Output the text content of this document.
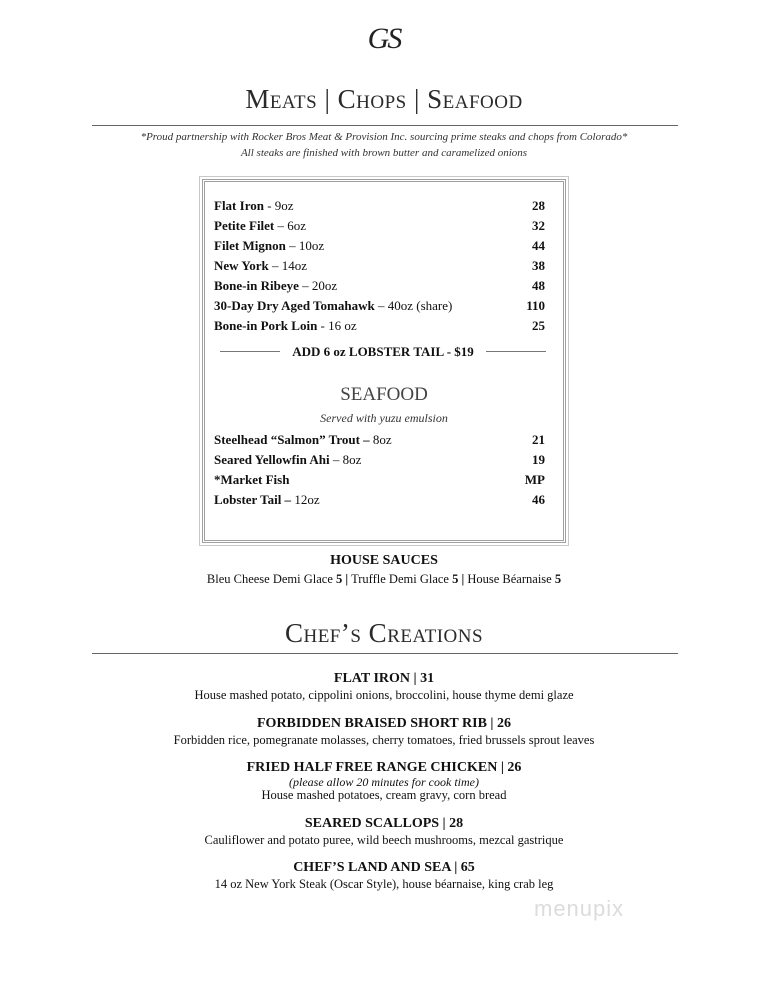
GS
Meats | Chops | Seafood
*Proud partnership with Rocker Bros Meat & Provision Inc. sourcing prime steaks and chops from Colorado*
All steaks are finished with brown butter and caramelized onions
Flat Iron - 9oz	28
Petite Filet – 6oz	32
Filet Mignon – 10oz	44
New York – 14oz	38
Bone-in Ribeye – 20oz	48
30-Day Dry Aged Tomahawk – 40oz (share)	110
Bone-in Pork Loin - 16 oz	25
ADD 6 oz LOBSTER TAIL - $19
SEAFOOD
Served with yuzu emulsion
Steelhead “Salmon” Trout – 8oz	21
Seared Yellowfin Ahi – 8oz	19
*Market Fish	MP
Lobster Tail – 12oz	46
HOUSE SAUCES
Bleu Cheese Demi Glace 5 | Truffle Demi Glace 5 | House Béarnaise 5
Chef’s Creations
FLAT IRON | 31
House mashed potato, cippolini onions, broccolini, house thyme demi glaze
FORBIDDEN BRAISED SHORT RIB | 26
Forbidden rice, pomegranate molasses, cherry tomatoes, fried brussels sprout leaves
FRIED HALF FREE RANGE CHICKEN | 26
(please allow 20 minutes for cook time)
House mashed potatoes, cream gravy, corn bread
SEARED SCALLOPS | 28
Cauliflower and potato puree, wild beech mushrooms, mezcal gastrique
CHEF’S LAND AND SEA | 65
14 oz New York Steak (Oscar Style), house béarnaise, king crab leg
menupix
